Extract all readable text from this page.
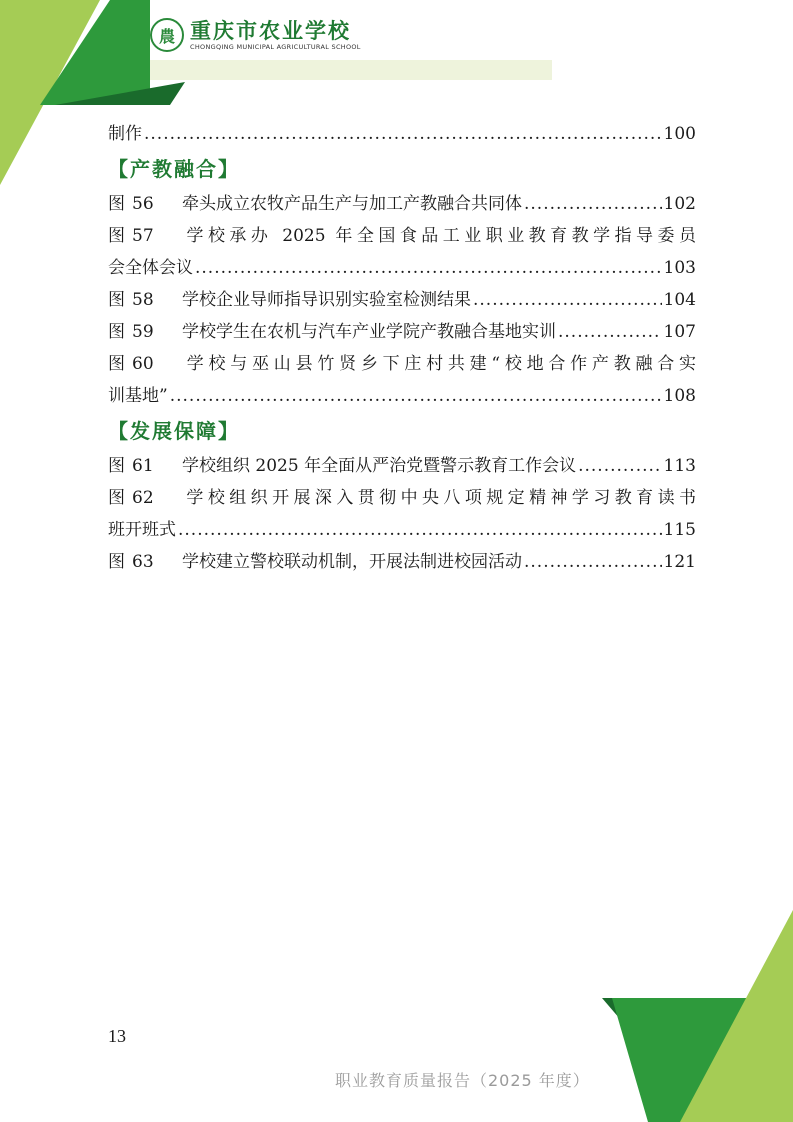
農 重庆市农业学校
CHONGQING MUNICIPAL AGRICULTURAL SCHOOL
制作 .....	100
【产教融合】
图 56 牵头成立农牧产品生产与加工产教融合共同体 .....	102
图 57 学校承办 2025 年全国食品工业职业教育教学指导委员
会全体会议 .....	103
图 58 学校企业导师指导识别实验室检测结果 .....	104
图 59 学校学生在农机与汽车产业学院产教融合基地实训 .....	107
图 60 学校与巫山县竹贤乡下庄村共建“校地合作产教融合实
训基地” .....	108
【发展保障】
图 61 学校组织 2025 年全面从严治党暨警示教育工作会议 .....	113
图 62 学校组织开展深入贯彻中央八项规定精神学习教育读书
班开班式 .....	115
图 63 学校建立警校联动机制，开展法制进校园活动 .....	121
13
职业教育质量报告（2025 年度）
